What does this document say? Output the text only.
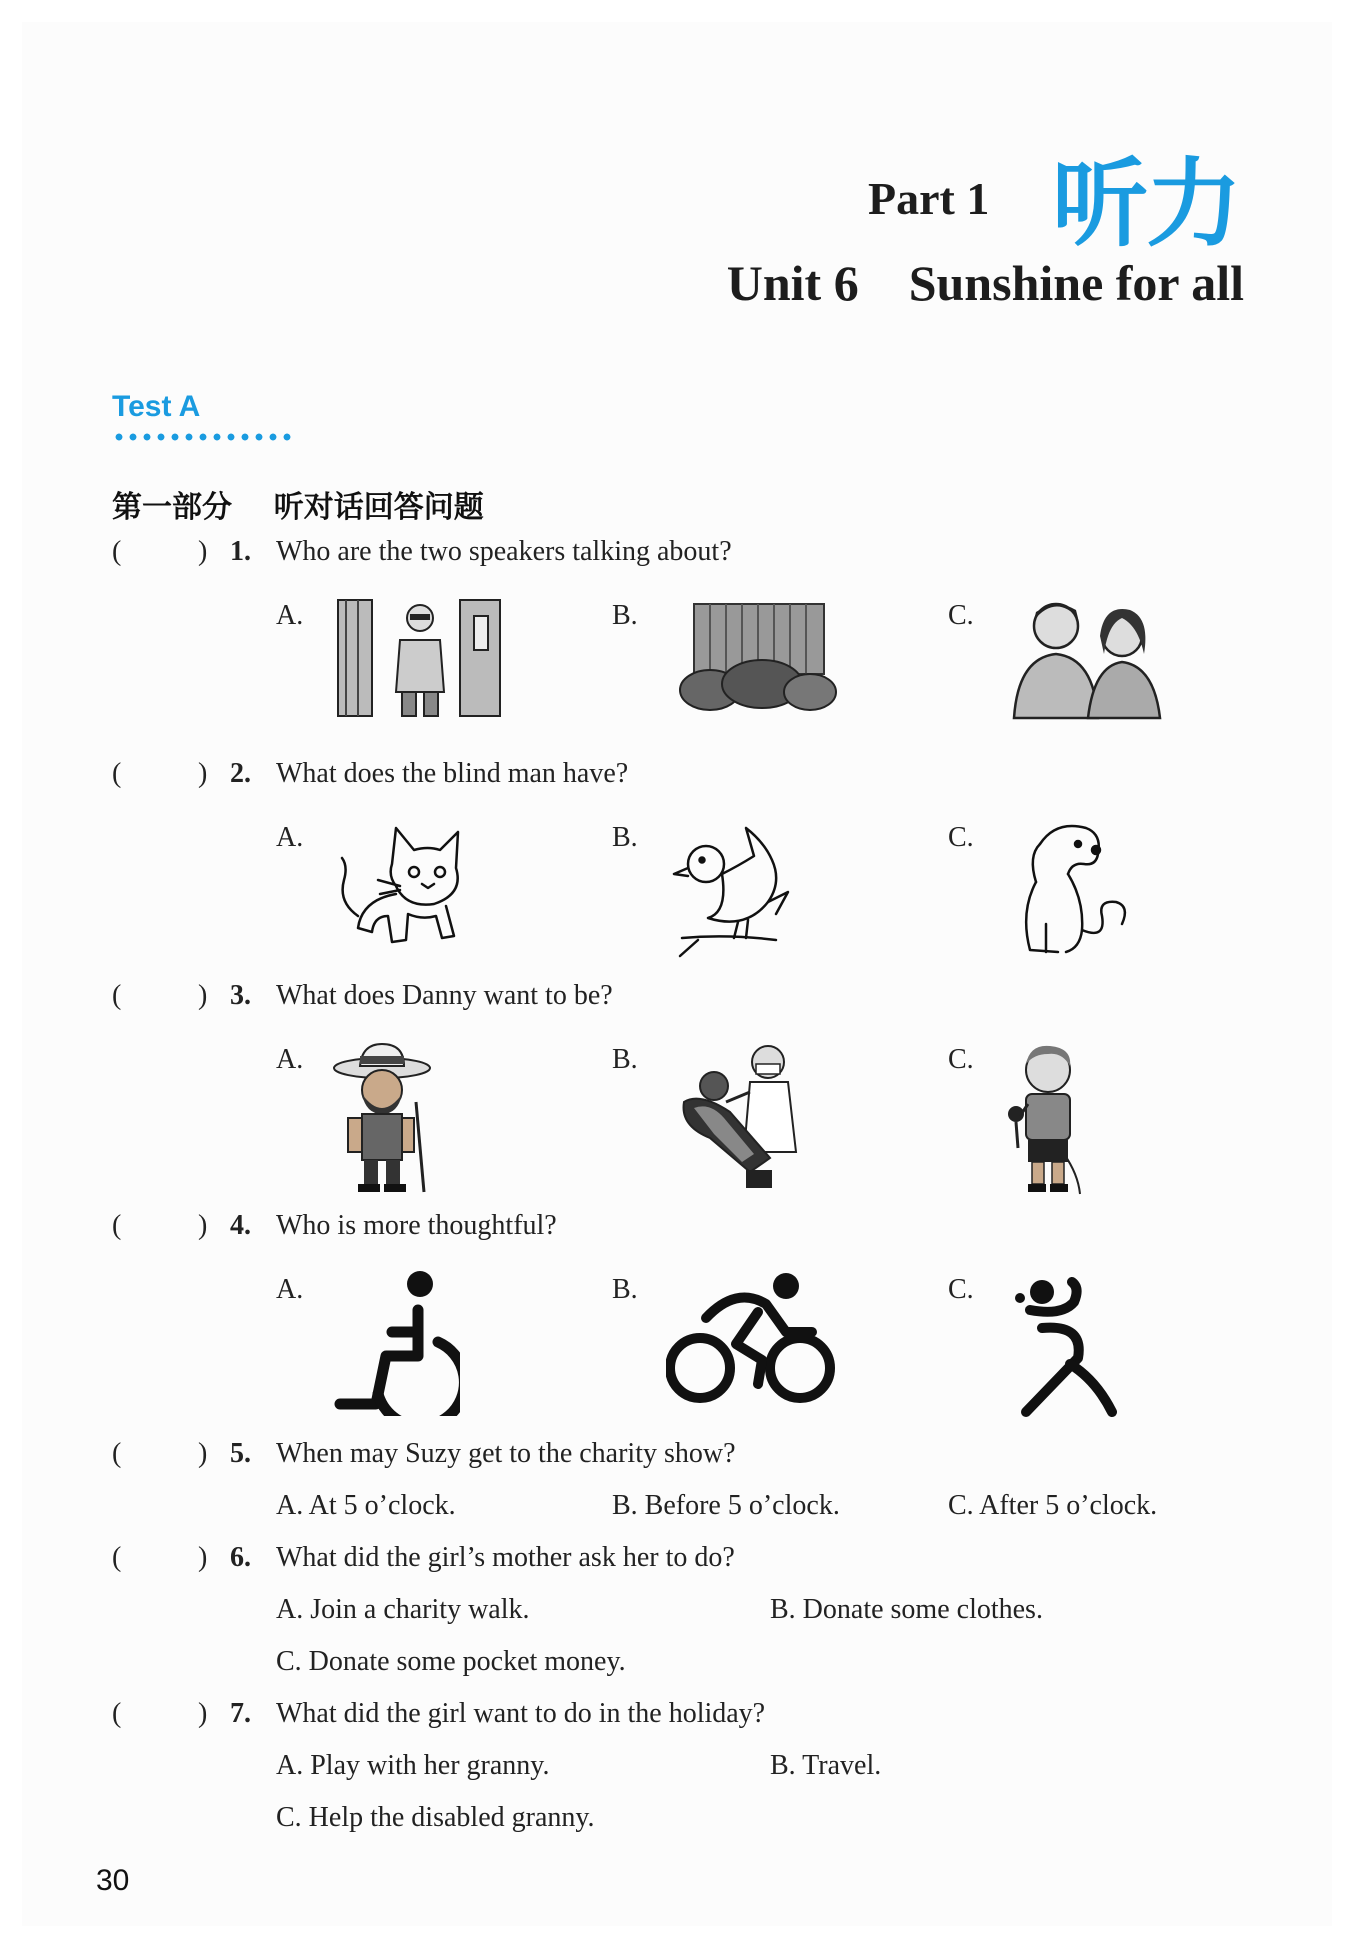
Part 1 听力
Unit 6    Sunshine for all
Test A
第一部分    听对话回答问题

(

	)

1.

Who are the two speakers talking about?

A.	B.	C.

(

	)

2.

What does the blind man have?

A.	B.	C.

(

	)

3.

What does Danny want to be?

A.	B.	C.

(

	)

4.

Who is more thoughtful?

A.	B.	C.

(

	)

5.

When may Suzy get to the charity show?

A. At 5 o’clock.	B. Before 5 o’clock.	C. After 5 o’clock.

(

	)

6.

What did the girl’s mother ask her to do?

A. Join a charity walk.	B. Donate some clothes.
C. Donate some pocket money.

(

	)

7.

What did the girl want to do in the holiday?

A. Play with her granny.	B. Travel.
C. Help the disabled granny.
30
